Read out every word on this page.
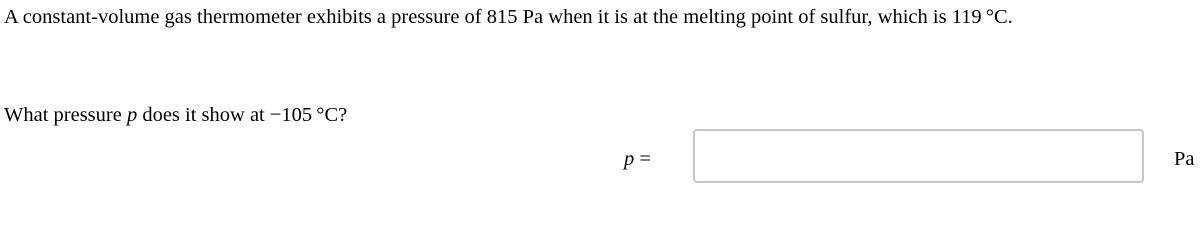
A constant-volume gas thermometer exhibits a pressure of 815 Pa when it is at the melting point of sulfur, which is 119 °C.

What pressure p does it show at −105 °C?

p =	Pa
